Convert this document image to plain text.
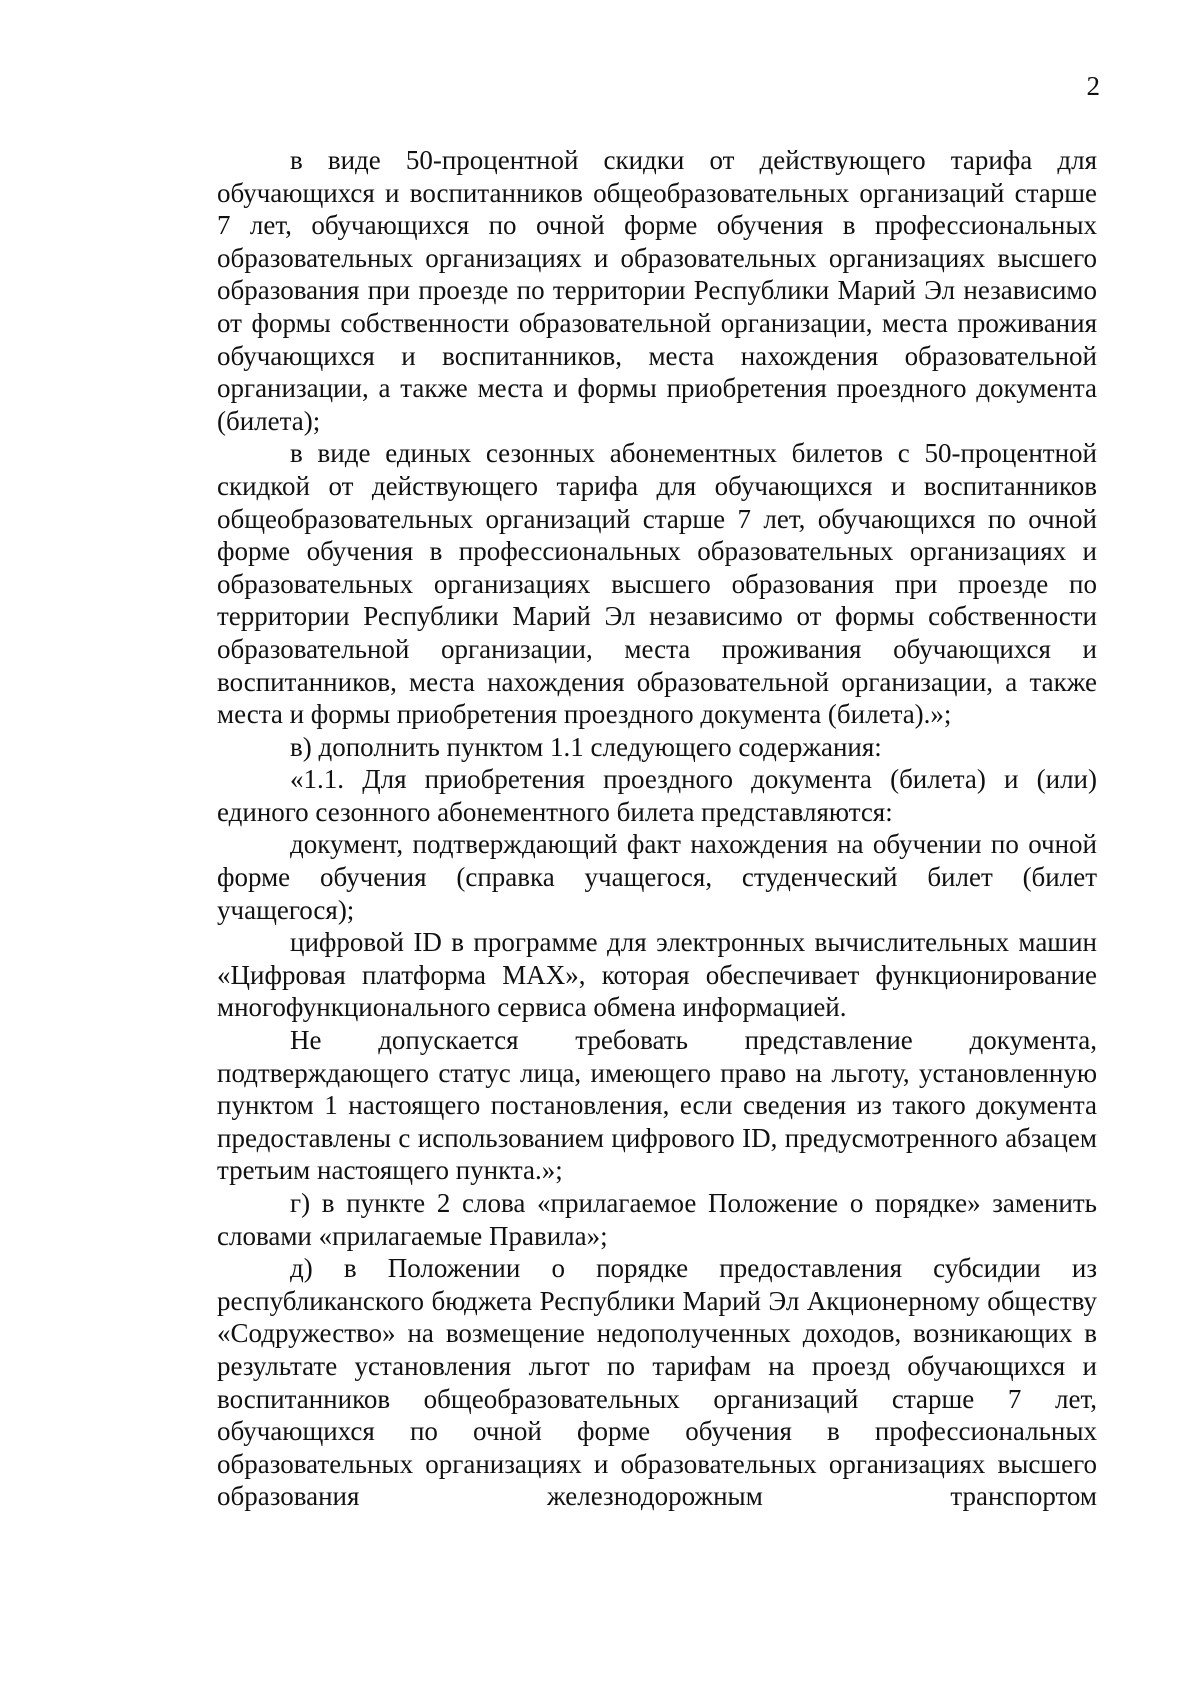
2

в виде 50-процентной скидки от действующего тарифа для обучающихся и воспитанников общеобразовательных организаций старше 7 лет, обучающихся по очной форме обучения в профессиональных образовательных организациях и образовательных организациях высшего образования при проезде по территории Республики Марий Эл независимо от формы собственности образовательной организации, места проживания обучающихся и воспитанников, места нахождения образовательной организации, а также места и формы приобретения проездного документа (билета);

в виде единых сезонных абонементных билетов с 50-процентной скидкой от действующего тарифа для обучающихся и воспитанников общеобразовательных организаций старше 7 лет, обучающихся по очной форме обучения в профессиональных образовательных организациях и образовательных организациях высшего образования при проезде по территории Республики Марий Эл независимо от формы собственности образовательной организации, места проживания обучающихся и воспитанников, места нахождения образовательной организации, а также места и формы приобретения проездного документа (билета).»;

в) дополнить пунктом 1.1 следующего содержания:

«1.1. Для приобретения проездного документа (билета) и (или) единого сезонного абонементного билета представляются:

документ, подтверждающий факт нахождения на обучении по очной форме обучения (справка учащегося, студенческий билет (билет учащегося);

цифровой ID в программе для электронных вычислительных машин «Цифровая платформа МАХ», которая обеспечивает функционирование многофункционального сервиса обмена информацией.

Не допускается требовать представление документа, подтверждающего статус лица, имеющего право на льготу, установленную пунктом 1 настоящего постановления, если сведения из такого документа предоставлены с использованием цифрового ID, предусмотренного абзацем третьим настоящего пункта.»;

г) в пункте 2 слова «прилагаемое Положение о порядке» заменить словами «прилагаемые Правила»;

д) в Положении о порядке предоставления субсидии из республиканского бюджета Республики Марий Эл Акционерному обществу «Содружество» на возмещение недополученных доходов, возникающих в результате установления льгот по тарифам на проезд обучающихся и воспитанников общеобразовательных организаций старше 7 лет, обучающихся по очной форме обучения в профессиональных образовательных организациях и образовательных организациях высшего образования железнодорожным транспортом
